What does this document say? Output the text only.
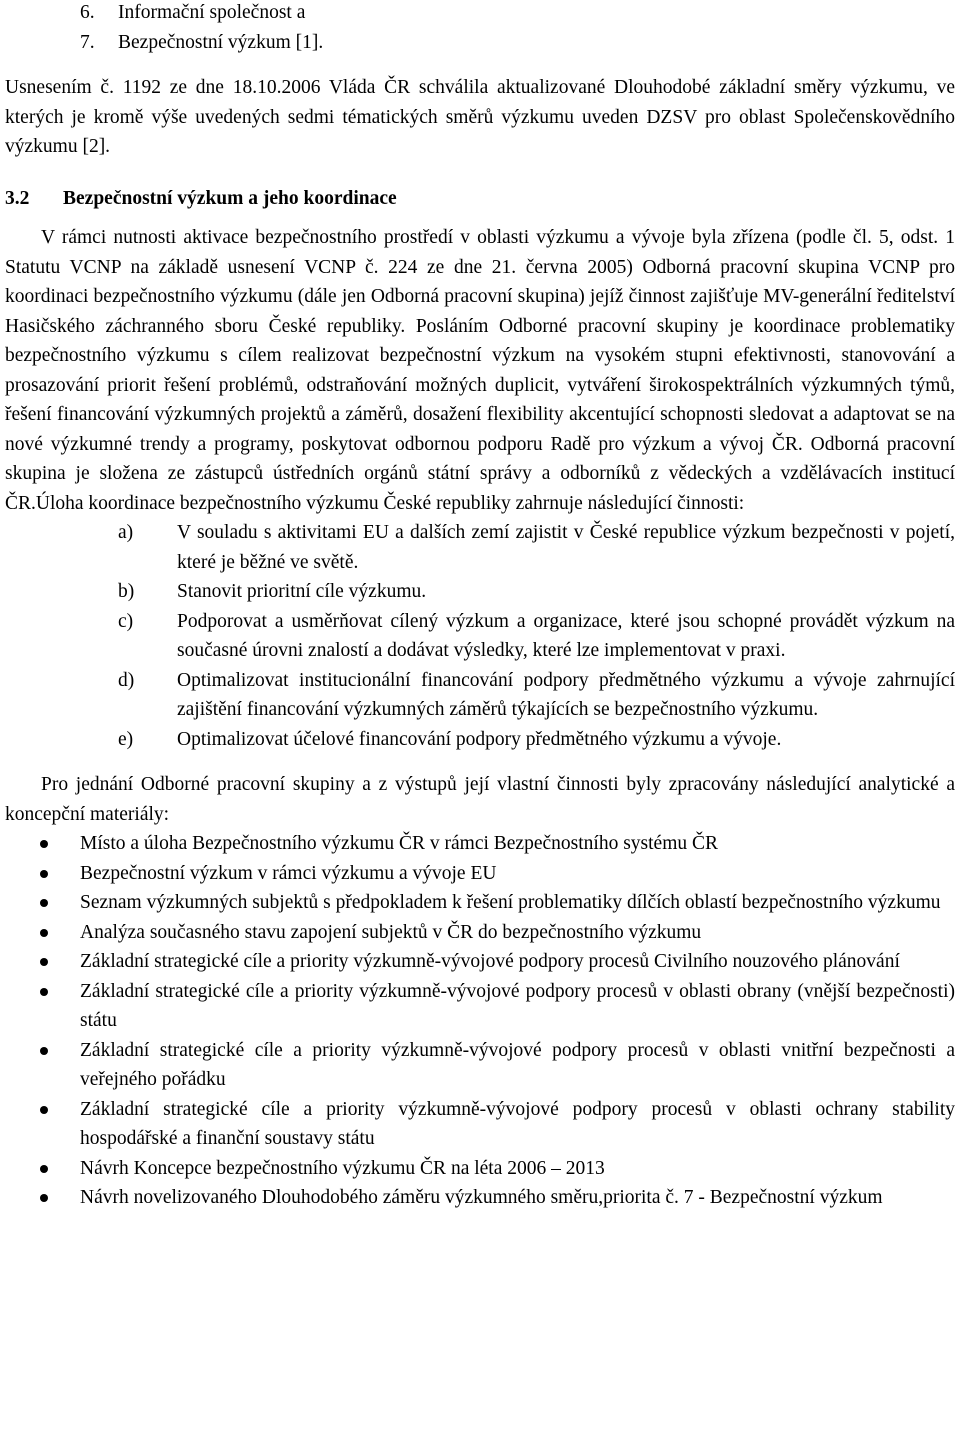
6. Informační společnost a
7. Bezpečnostní výzkum [1].

Usnesením č. 1192 ze dne 18.10.2006 Vláda ČR schválila aktualizované Dlouhodobé základní směry výzkumu, ve kterých je kromě výše uvedených sedmi tématických směrů výzkumu uveden DZSV pro oblast Společenskovědního výzkumu [2].

3.2 Bezpečnostní výzkum a jeho koordinace

V rámci nutnosti aktivace bezpečnostního prostředí v oblasti výzkumu a vývoje byla zřízena (podle čl. 5, odst. 1 Statutu VCNP na základě usnesení VCNP č. 224 ze dne 21. června 2005) Odborná pracovní skupina VCNP pro koordinaci bezpečnostního výzkumu (dále jen Odborná pracovní skupina) jejíž činnost zajišťuje MV-generální ředitelství Hasičského záchranného sboru České republiky. Posláním Odborné pracovní skupiny je koordinace problematiky bezpečnostního výzkumu s cílem realizovat bezpečnostní výzkum na vysokém stupni efektivnosti, stanovování a prosazování priorit řešení problémů, odstraňování možných duplicit, vytváření širokospektrálních výzkumných týmů, řešení financování výzkumných projektů a záměrů, dosažení flexibility akcentující schopnosti sledovat a adaptovat se na nové výzkumné trendy a programy, poskytovat odbornou podporu Radě pro výzkum a vývoj ČR. Odborná pracovní skupina je složena ze zástupců ústředních orgánů státní správy a odborníků z vědeckých a vzdělávacích institucí ČR.Úloha koordinace bezpečnostního výzkumu České republiky zahrnuje následující činnosti:

a) V souladu s aktivitami EU a dalších zemí zajistit v České republice výzkum bezpečnosti v pojetí, které je běžné ve světě.
b) Stanovit prioritní cíle výzkumu.
c) Podporovat a usměrňovat cílený výzkum a organizace, které jsou schopné provádět výzkum na současné úrovni znalostí a dodávat výsledky, které lze implementovat v praxi.
d) Optimalizovat institucionální financování podpory předmětného výzkumu a vývoje zahrnující zajištění financování výzkumných záměrů týkajících se bezpečnostního výzkumu.
e) Optimalizovat účelové financování podpory předmětného výzkumu a vývoje.

Pro jednání Odborné pracovní skupiny a z výstupů její vlastní činnosti byly zpracovány následující analytické a koncepční materiály:

Místo a úloha Bezpečnostního výzkumu ČR v rámci Bezpečnostního systému ČR
Bezpečnostní výzkum v rámci výzkumu a vývoje EU
Seznam výzkumných subjektů s předpokladem k řešení problematiky dílčích oblastí bezpečnostního výzkumu
Analýza současného stavu zapojení subjektů v ČR do bezpečnostního výzkumu
Základní strategické cíle a priority výzkumně-vývojové podpory procesů Civilního nouzového plánování
Základní strategické cíle a priority výzkumně-vývojové podpory procesů v oblasti obrany (vnější bezpečnosti) státu
Základní strategické cíle a priority výzkumně-vývojové podpory procesů v oblasti vnitřní bezpečnosti a veřejného pořádku
Základní strategické cíle a priority výzkumně-vývojové podpory procesů v oblasti ochrany stability hospodářské a finanční soustavy státu
Návrh Koncepce bezpečnostního výzkumu ČR na léta 2006 – 2013
Návrh novelizovaného Dlouhodobého záměru výzkumného směru,priorita č. 7 - Bezpečnostní výzkum
